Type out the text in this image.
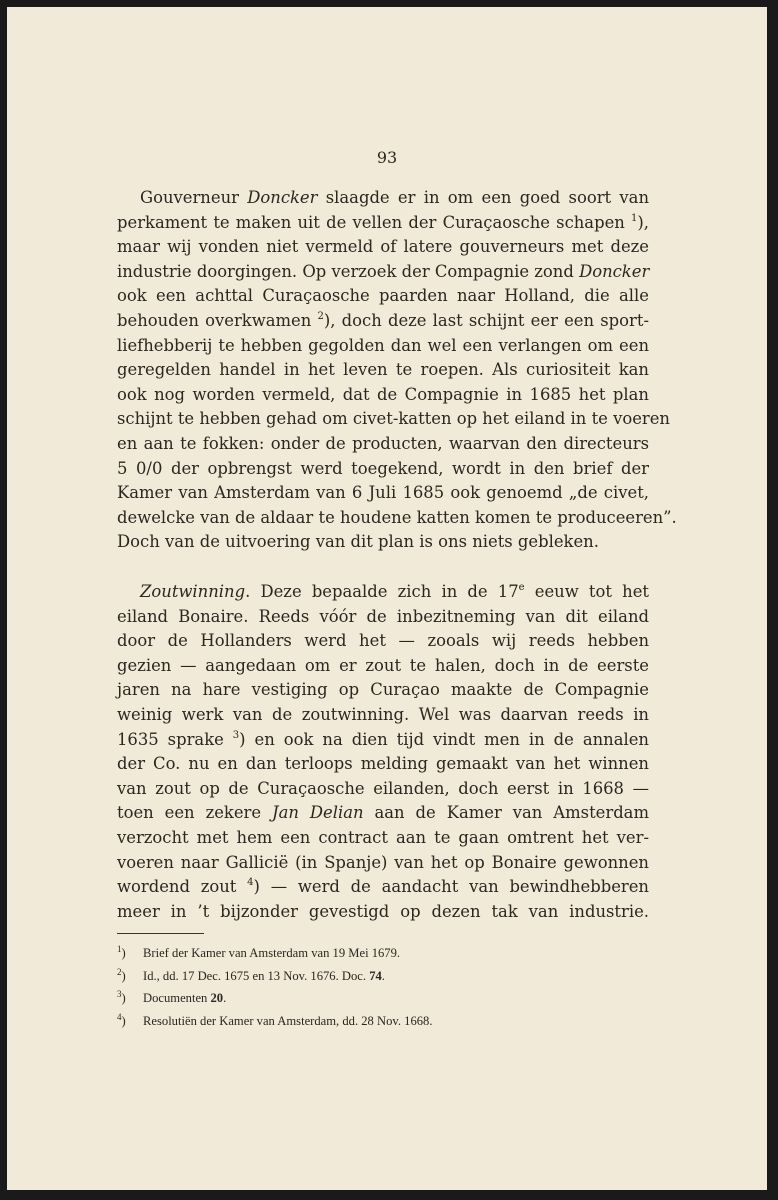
93
Gouverneur Doncker slaagde er in om een goed soort van
perkament te maken uit de vellen der Curaçaosche schapen $^1$),
maar wij vonden niet vermeld of latere gouverneurs met deze
industrie doorgingen. Op verzoek der Compagnie zond Doncker
ook een achttal Curaçaosche paarden naar Holland, die alle
behouden overkwamen $^2$), doch deze last schijnt eer een sport-
liefhebberij te hebben gegolden dan wel een verlangen om een
geregelden handel in het leven te roepen. Als curiositeit kan
ook nog worden vermeld, dat de Compagnie in 1685 het plan
schijnt te hebben gehad om civet-katten op het eiland in te voeren
en aan te fokken: onder de producten, waarvan den directeurs
5 0/0 der opbrengst werd toegekend, wordt in den brief der
Kamer van Amsterdam van 6 Juli 1685 ook genoemd „de civet,
dewelcke van de aldaar te houdene katten komen te produceeren”.
Doch van de uitvoering van dit plan is ons niets gebleken.
Zoutwinning. Deze bepaalde zich in de 17e eeuw tot het
eiland Bonaire. Reeds vóór de inbezitneming van dit eiland
door de Hollanders werd het — zooals wij reeds hebben
gezien — aangedaan om er zout te halen, doch in de eerste
jaren na hare vestiging op Curaçao maakte de Compagnie
weinig werk van de zoutwinning. Wel was daarvan reeds in
1635 sprake $^3$) en ook na dien tijd vindt men in de annalen
der Co. nu en dan terloops melding gemaakt van het winnen
van zout op de Curaçaosche eilanden, doch eerst in 1668 —
toen een zekere Jan Delian aan de Kamer van Amsterdam
verzocht met hem een contract aan te gaan omtrent het ver-
voeren naar Gallicië (in Spanje) van het op Bonaire gewonnen
wordend zout $^4$) — werd de aandacht van bewindhebberen
meer in ’t bijzonder gevestigd op dezen tak van industrie.
$^1$)	Brief der Kamer van Amsterdam van 19 Mei 1679.
$^2$)	Id., dd. 17 Dec. 1675 en 13 Nov. 1676. Doc. 74.
$^3$)	Documenten 20.
$^4$)	Resolutiën der Kamer van Amsterdam, dd. 28 Nov. 1668.
